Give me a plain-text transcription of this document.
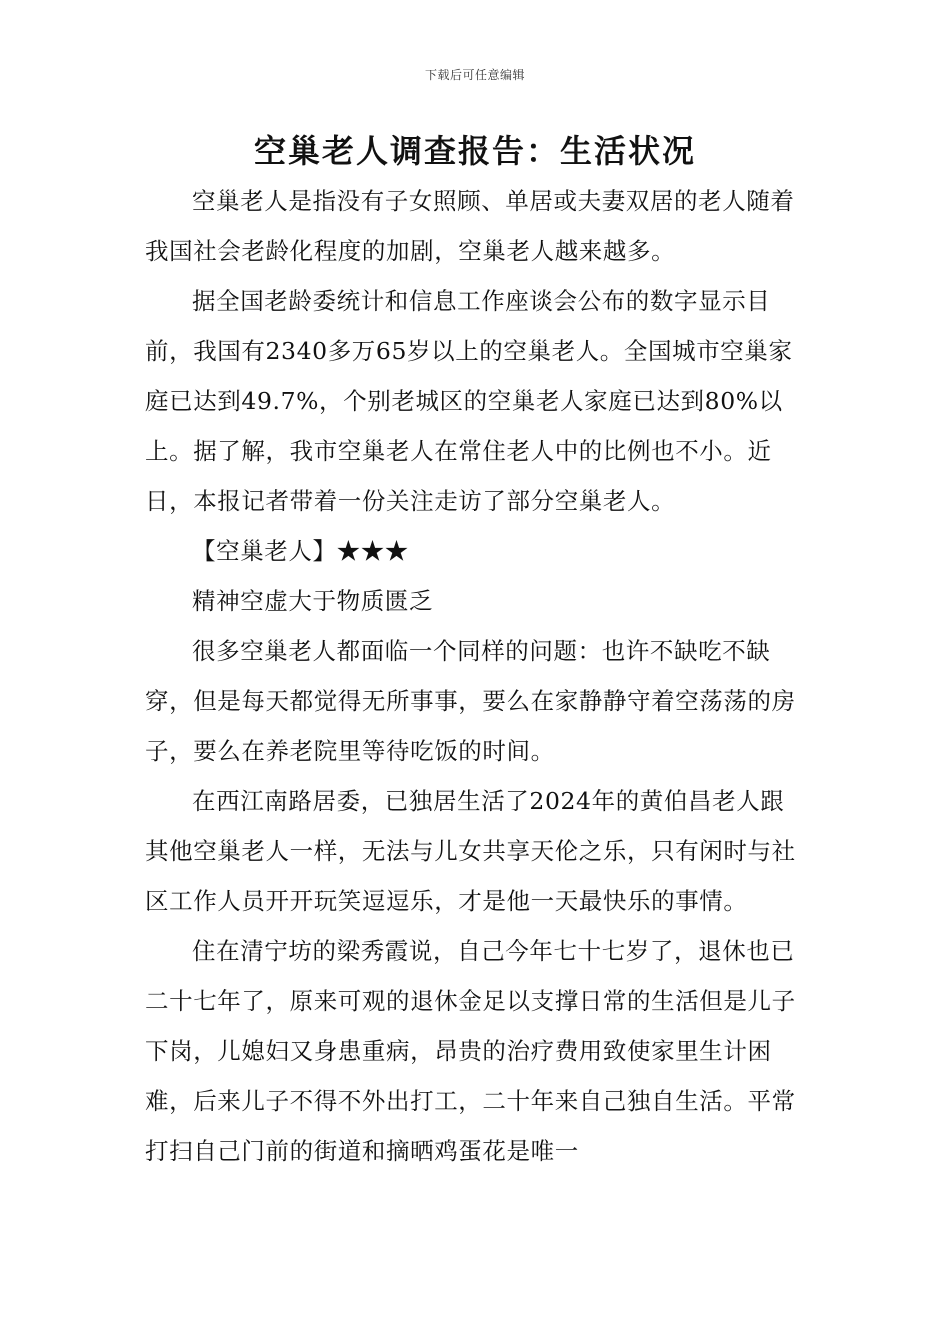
下载后可任意编辑
空巢老人调查报告：生活状况

空巢老人是指没有子女照顾、单居或夫妻双居的老人随着我国社会老龄化程度的加剧，空巢老人越来越多。

据全国老龄委统计和信息工作座谈会公布的数字显示目前，我国有2340多万65岁以上的空巢老人。全国城市空巢家庭已达到49.7%，个别老城区的空巢老人家庭已达到80%以上。据了解，我市空巢老人在常住老人中的比例也不小。近日，本报记者带着一份关注走访了部分空巢老人。

【空巢老人】★★★

精神空虚大于物质匮乏

很多空巢老人都面临一个同样的问题：也许不缺吃不缺穿，但是每天都觉得无所事事，要么在家静静守着空荡荡的房子，要么在养老院里等待吃饭的时间。

在西江南路居委，已独居生活了2024年的黄伯昌老人跟其他空巢老人一样，无法与儿女共享天伦之乐，只有闲时与社区工作人员开开玩笑逗逗乐，才是他一天最快乐的事情。

住在清宁坊的梁秀霞说，自己今年七十七岁了，退休也已二十七年了，原来可观的退休金足以支撑日常的生活但是儿子下岗，儿媳妇又身患重病，昂贵的治疗费用致使家里生计困难，后来儿子不得不外出打工，二十年来自己独自生活。平常打扫自己门前的街道和摘晒鸡蛋花是唯一
